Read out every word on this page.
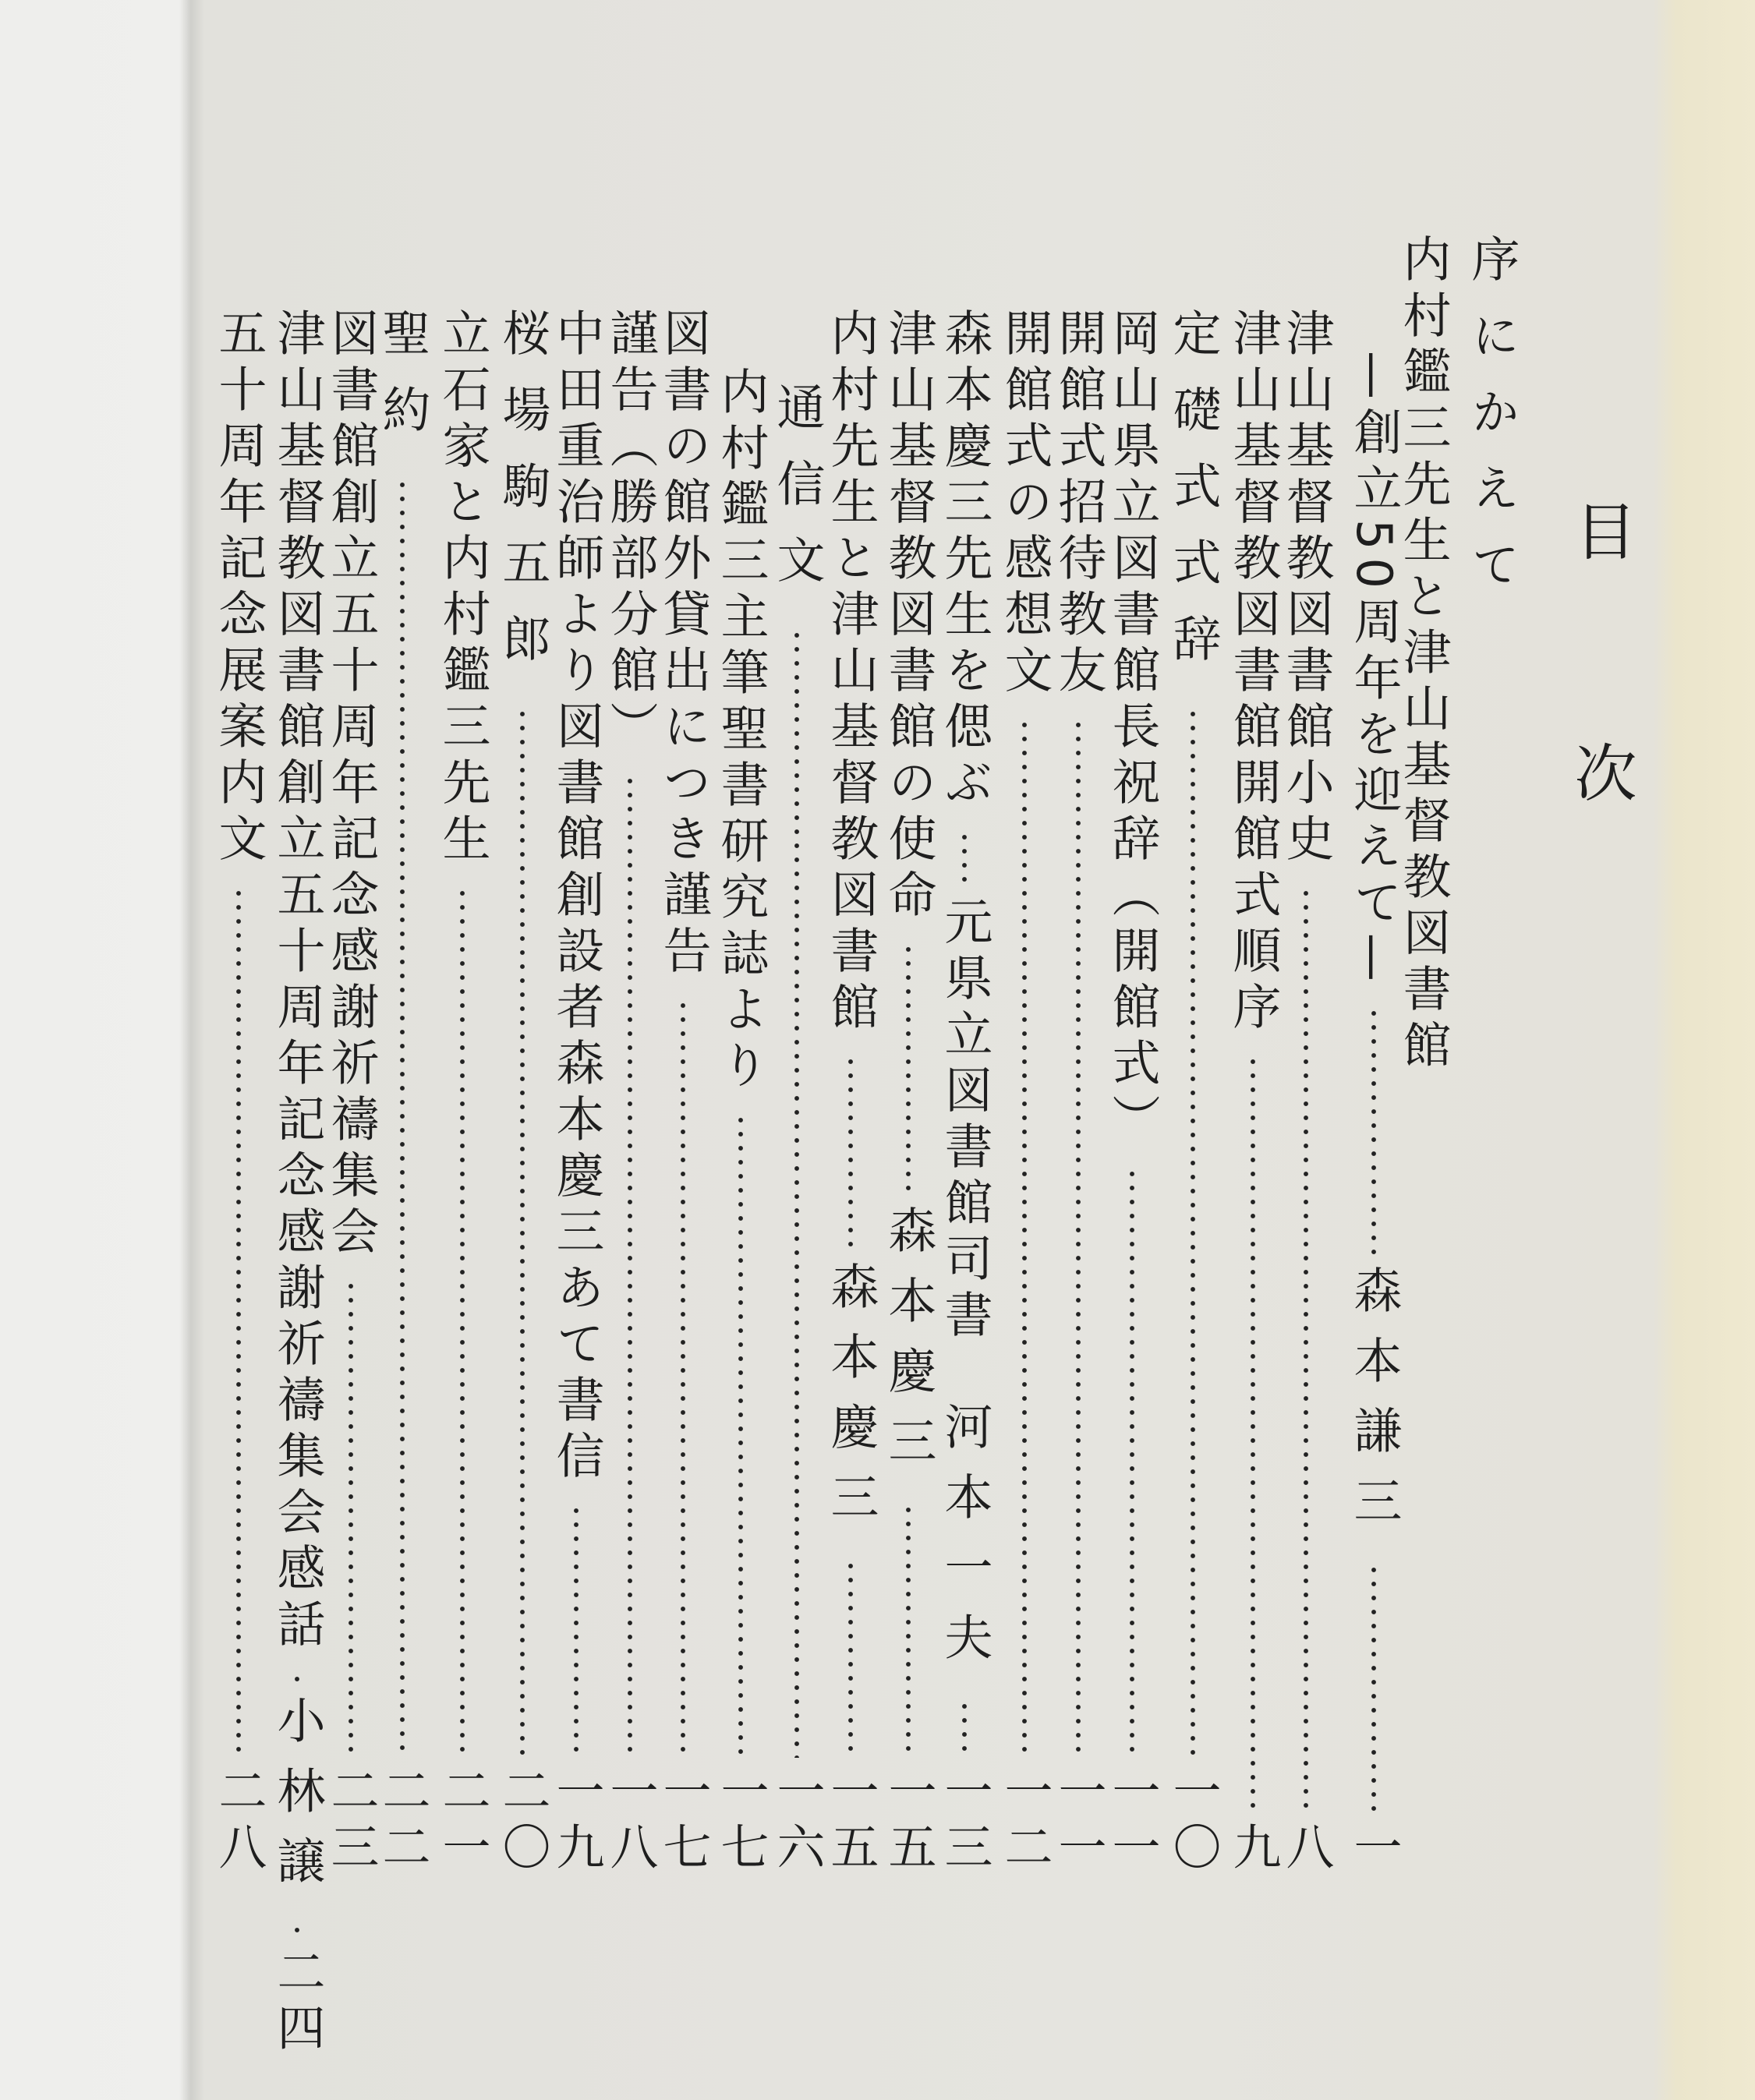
目次
序にかえて
内村鑑三先生と津山基督教図書館
—創立50周年を迎えて—
森本謙三
一
津山基督教図書館小史
八
津山基督教図書館開館式順序
九
定礎式式辞
一〇
岡山県立図書館長祝辞（開館式）
一一
開館式招待教友
一一
開館式の感想文
一二
森本慶三先生を偲ぶ
元県立図書館司書
河本一夫
一三
津山基督教図書館の使命
森本慶三
一五
内村先生と津山基督教図書館
森本慶三
一五
通信文
一六
内村鑑三主筆聖書研究誌より
一七
図書の館外貸出につき謹告
一七
謹告（勝部分館）
一八
中田重治師より図書館創設者森本慶三あて書信
一九
桜場駒五郎
二〇
立石家と内村鑑三先生
二一
聖約
二二
図書館創立五十周年記念感謝祈禱集会
二三
津山基督教図書館創立五十周年記念感謝祈禱集会感話
小林譲
二四
五十周年記念展案内文
二八
